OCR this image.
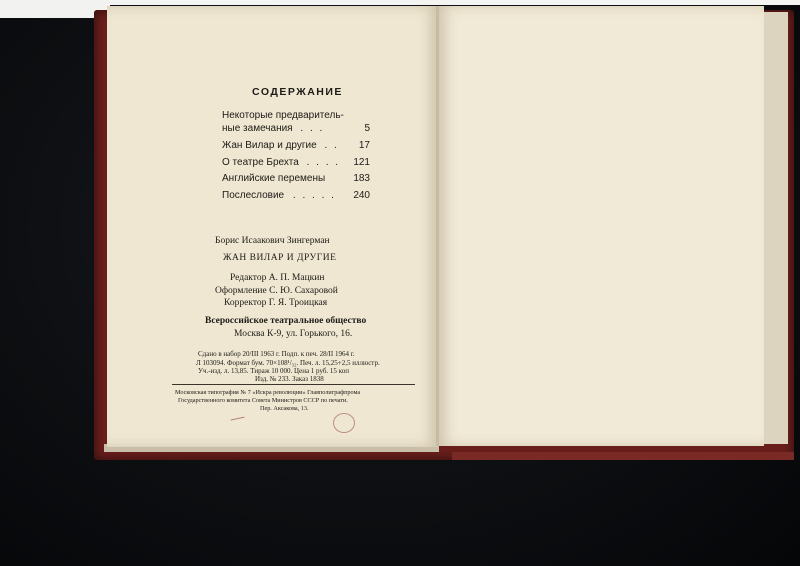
СОДЕРЖАНИЕ
Некоторые предваритель-
ные замечания . . .	5
Жан Вилар и другие . . 17
О театре Брехта . . . . 121
Английские перемены	183
Послесловие . . . . . 240
Борис Исаакович Зингерман
ЖАН ВИЛАР И ДРУГИЕ
Редактор А. П. Мацкин
Оформление С. Ю. Сахаровой
Корректор Г. Я. Троицкая
Всероссийское театральное общество
Москва К-9, ул. Горького, 16.
Сдано в набор 20/III 1963 г. Подп. к печ. 28/II 1964 г.
Л 103094. Формат бум. 70×108¹/₃₂. Печ. л. 15,25+2,5 иллюстр.
Уч.-изд. л. 13,85. Тираж 10 000. Цена 1 руб. 15 коп
Изд. № 233. Заказ 1838
Московская типография № 7 «Искра революции» Главполиграфпрома
Государственного комитета Совета Министров СССР по печати.
Пер. Аксакова, 13.
